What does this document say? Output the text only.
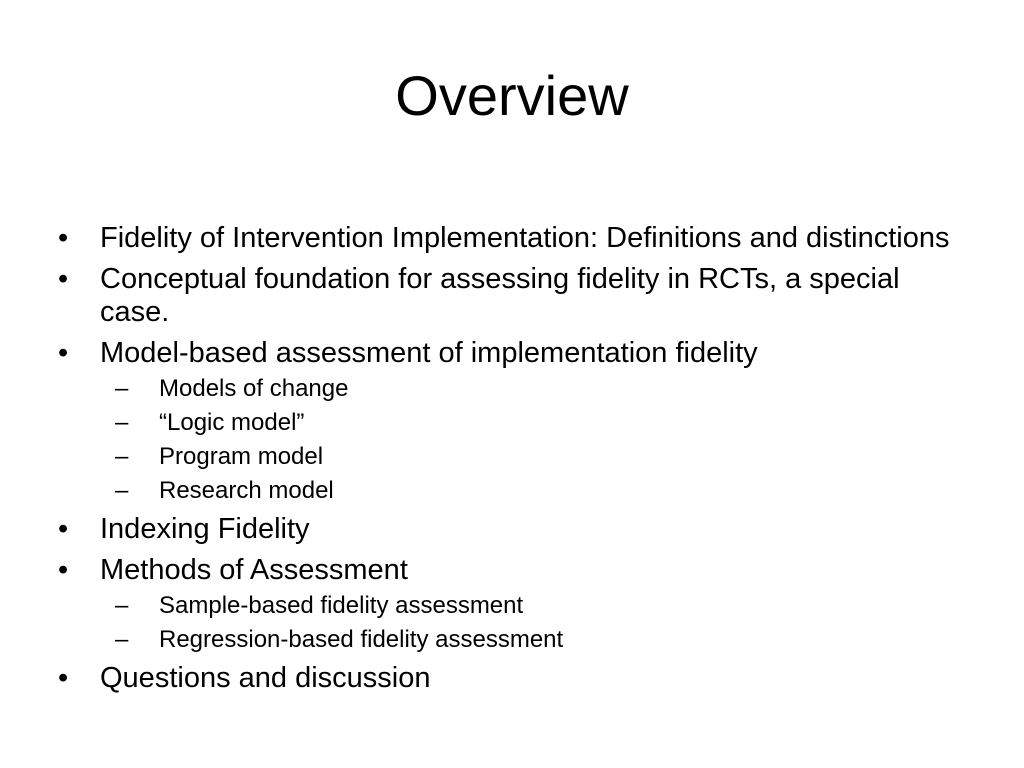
Overview
•	Fidelity of Intervention Implementation: Definitions and distinctions
•	Conceptual foundation for assessing fidelity in RCTs, a special case.
•	Model-based assessment of implementation fidelity
–	Models of change
–	“Logic model”
–	Program model
–	Research model
•	Indexing Fidelity
•	Methods of Assessment
–	Sample-based fidelity assessment
–	Regression-based fidelity assessment
•	Questions and discussion
